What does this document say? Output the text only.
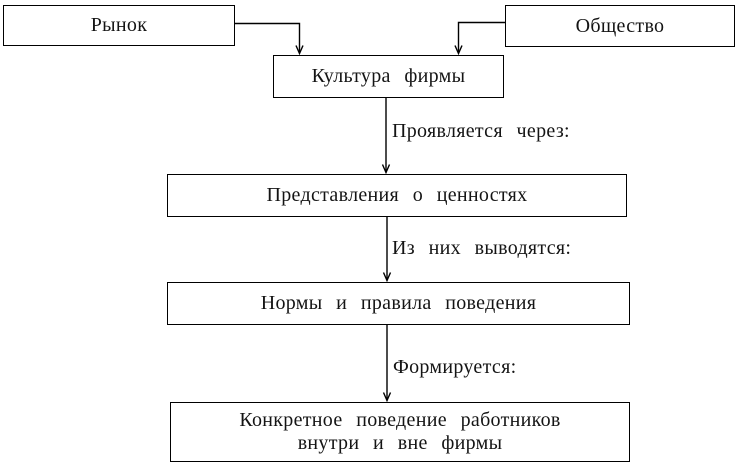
Рынок	Общество
Культура фирмы
Представления о ценностях
Нормы и правила поведения
Конкретное поведение работников
внутри и вне фирмы
Проявляется через:
Из них выводятся:
Формируется:
